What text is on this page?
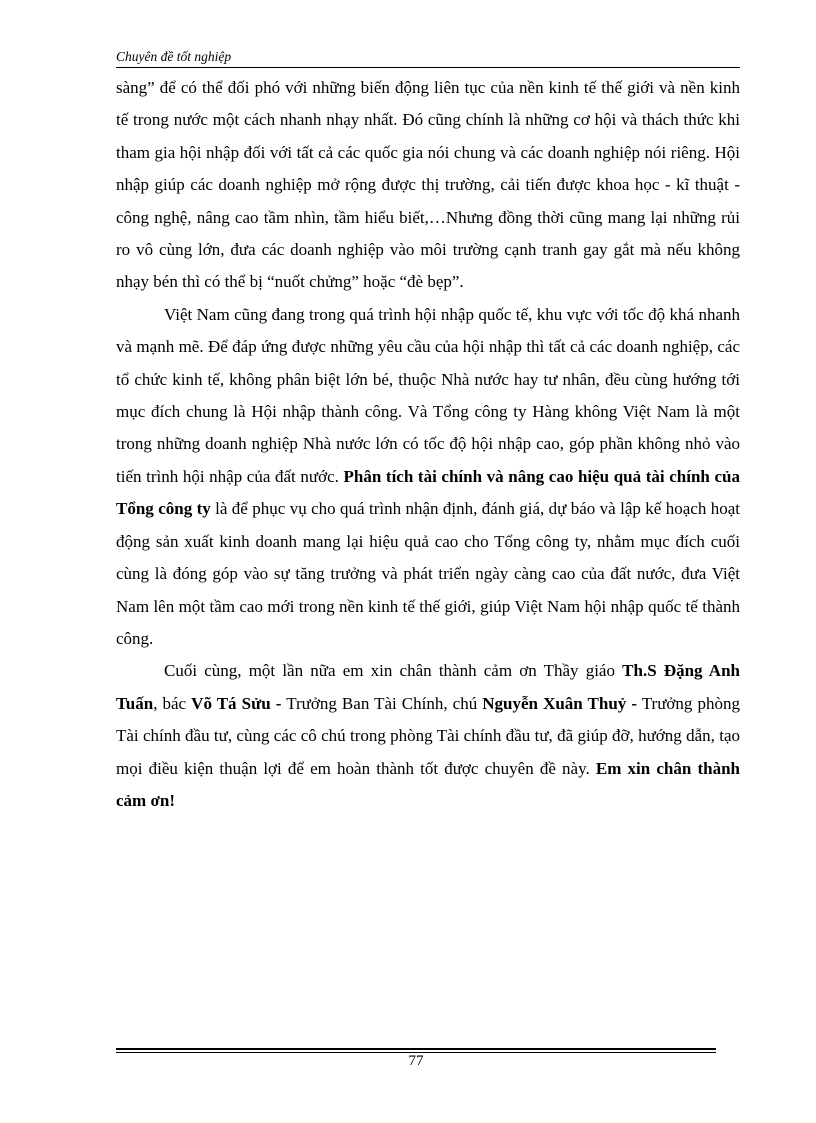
Chuyên đề tốt nghiệp

sàng” để có thể đối phó với những biến động liên tục của nền kinh tế thế giới và nền kinh tế trong nước một cách nhanh nhạy nhất. Đó cũng chính là những cơ hội và thách thức khi tham gia hội nhập đối với tất cả các quốc gia nói chung và các doanh nghiệp nói riêng. Hội nhập giúp các doanh nghiệp mở rộng được thị trường, cải tiến được khoa học - kĩ thuật - công nghệ, nâng cao tầm nhìn, tầm hiểu biết,…Nhưng đồng thời cũng mang lại những rủi ro vô cùng lớn, đưa các doanh nghiệp vào môi trường cạnh tranh gay gắt mà nếu không nhạy bén thì có thể bị “nuốt chửng” hoặc “đè bẹp”.

Việt Nam cũng đang trong quá trình hội nhập quốc tế, khu vực với tốc độ khá nhanh và mạnh mẽ. Để đáp ứng được những yêu cầu của hội nhập thì tất cả các doanh nghiệp, các tổ chức kinh tế, không phân biệt lớn bé, thuộc Nhà nước hay tư nhân, đều cùng hướng tới mục đích chung là Hội nhập thành công. Và Tổng công ty Hàng không Việt Nam là một trong những doanh nghiệp Nhà nước lớn có tốc độ hội nhập cao, góp phần không nhỏ vào tiến trình hội nhập của đất nước. Phân tích tài chính và nâng cao hiệu quả tài chính của Tổng công ty là để phục vụ cho quá trình nhận định, đánh giá, dự báo và lập kế hoạch hoạt động sản xuất kinh doanh mang lại hiệu quả cao cho Tổng công ty, nhằm mục đích cuối cùng là đóng góp vào sự tăng trưởng và phát triển ngày càng cao của đất nước, đưa Việt Nam lên một tầm cao mới trong nền kinh tế thế giới, giúp Việt Nam hội nhập quốc tế thành công.

Cuối cùng, một lần nữa em xin chân thành cảm ơn Thầy giáo Th.S Đặng Anh Tuấn, bác Võ Tá Sửu - Trưởng Ban Tài Chính, chú Nguyễn Xuân Thuỷ - Trưởng phòng Tài chính đầu tư, cùng các cô chú trong phòng Tài chính đầu tư, đã giúp đỡ, hướng dẫn, tạo mọi điều kiện thuận lợi để em hoàn thành tốt được chuyên đề này. Em xin chân thành cảm ơn!

77
